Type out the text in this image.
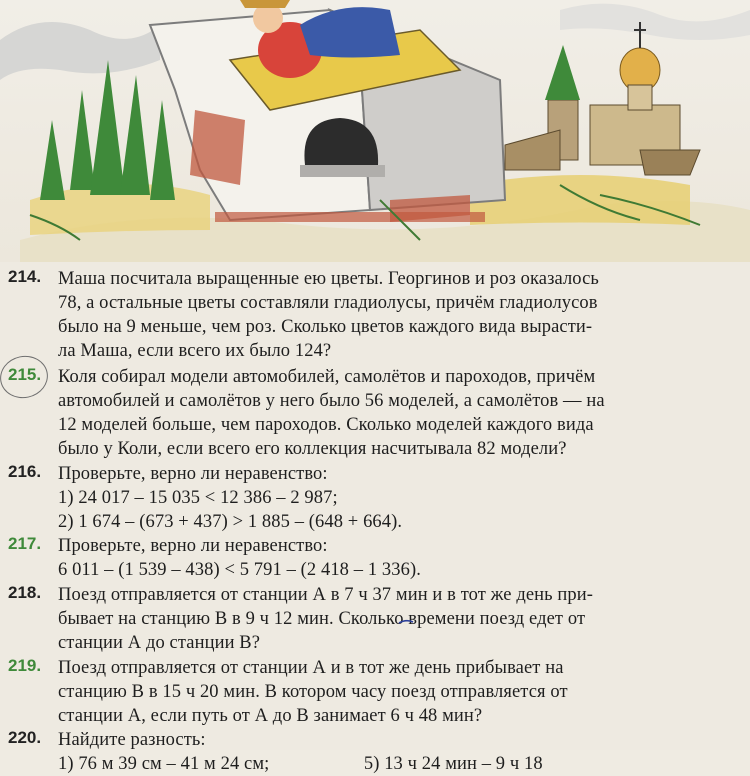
214. Маша посчитала выращенные ею цветы. Георгинов и роз оказалось
78, а остальные цветы составляли гладиолусы, причём гладиолусов
было на 9 меньше, чем роз. Сколько цветов каждого вида вырасти-
ла Маша, если всего их было 124?
215. Коля собирал модели автомобилей, самолётов и пароходов, причём
автомобилей и самолётов у него было 56 моделей, а самолётов — на
12 моделей больше, чем пароходов. Сколько моделей каждого вида
было у Коли, если всего его коллекция насчитывала 82 модели?
216. Проверьте, верно ли неравенство:
1) 24 017 – 15 035 < 12 386 – 2 987;
2) 1 674 – (673 + 437) > 1 885 – (648 + 664).
217. Проверьте, верно ли неравенство:
6 011 – (1 539 – 438) < 5 791 – (2 418 – 1 336).
218. Поезд отправляется от станции А в 7 ч 37 мин и в тот же день при-
бывает на станцию В в 9 ч 12 мин. Сколько времени поезд едет от
станции А до станции В?
219. Поезд отправляется от станции А и в тот же день прибывает на
станцию В в 15 ч 20 мин. В котором часу поезд отправляется от
станции А, если путь от А до В занимает 6 ч 48 мин?
220. Найдите разность:
1) 76 м 39 см – 41 м 24 см;                    5) 13 ч 24 мин – 9 ч 18
